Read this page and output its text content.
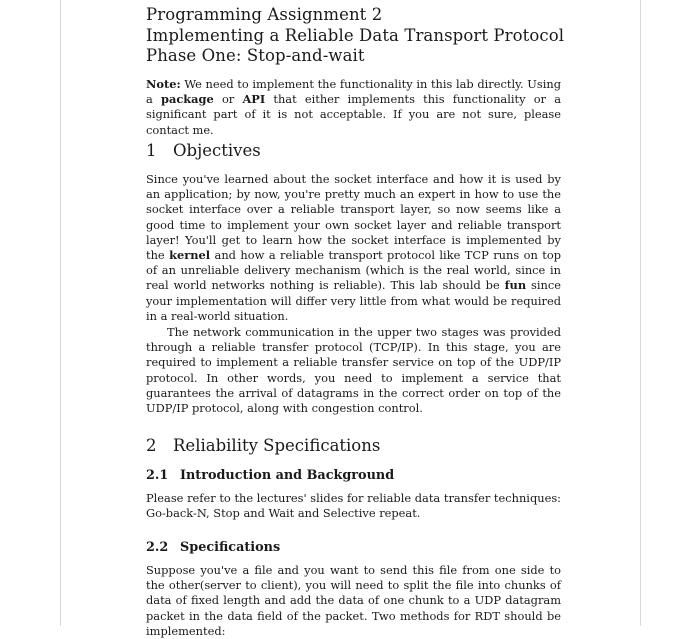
Programming Assignment 2
Implementing a Reliable Data Transport Protocol
Phase One: Stop-and-wait

Note: We need to implement the functionality in this lab directly. Using a package or API that either implements this functionality or a significant part of it is not acceptable. If you are not sure, please contact me.

1 Objectives

Since you've learned about the socket interface and how it is used by an application; by now, you're pretty much an expert in how to use the socket interface over a reliable transport layer, so now seems like a good time to implement your own socket layer and reliable transport layer! You'll get to learn how the socket interface is implemented by the kernel and how a reliable transport protocol like TCP runs on top of an unreliable delivery mechanism (which is the real world, since in real world networks nothing is reliable). This lab should be fun since your implementation will differ very little from what would be required in a real-world situation.

The network communication in the upper two stages was provided through a reliable transfer protocol (TCP/IP). In this stage, you are required to implement a reliable transfer service on top of the UDP/IP protocol. In other words, you need to implement a service that guarantees the arrival of datagrams in the correct order on top of the UDP/IP protocol, along with congestion control.

2 Reliability Specifications
2.1 Introduction and Background

Please refer to the lectures' slides for reliable data transfer techniques: Go-back-N, Stop and Wait and Selective repeat.

2.2 Specifications

Suppose you've a file and you want to send this file from one side to the other(server to client), you will need to split the file into chunks of data of fixed length and add the data of one chunk to a UDP datagram packet in the data field of the packet. Two methods for RDT should be implemented:
